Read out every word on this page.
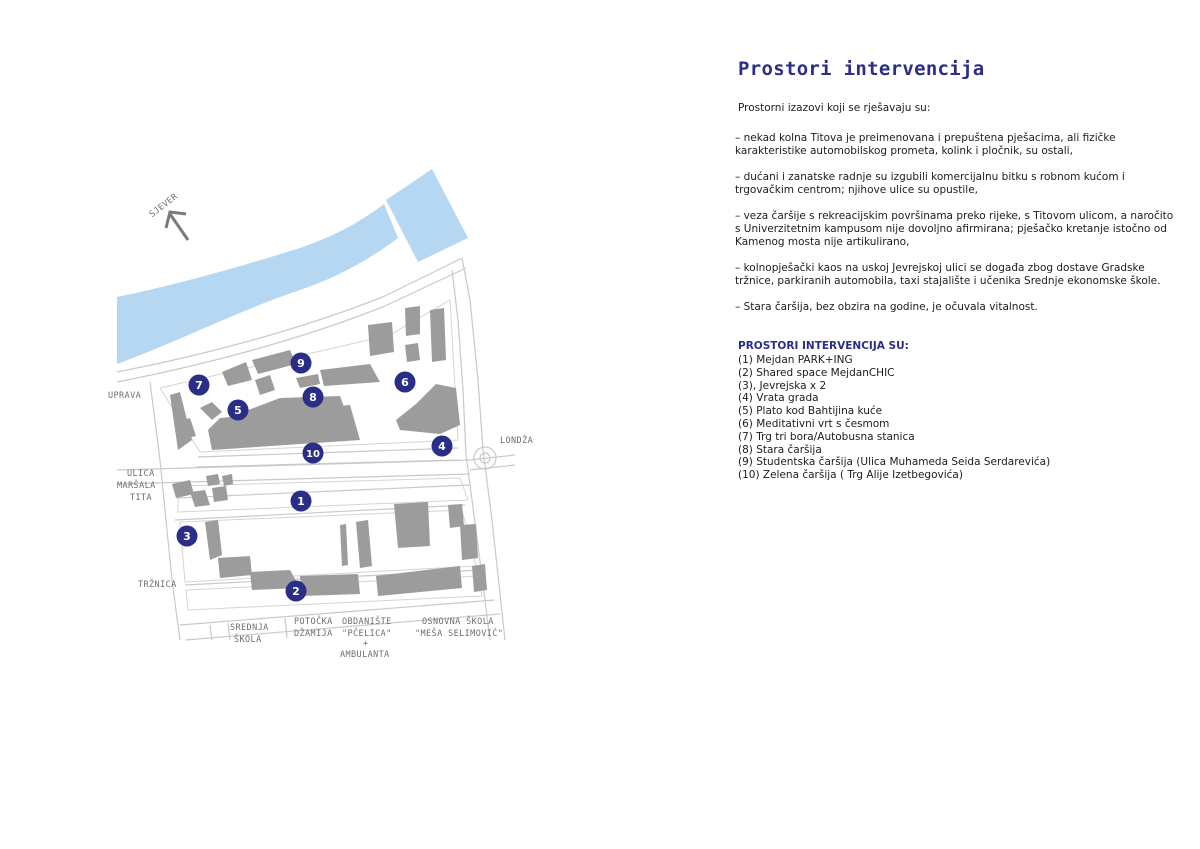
SJEVER
UPRAVA
ULICA
MARŠALA
TITA
TRŽNICA
LONDŽA
SREDNJA
ŠKOLA
POTOČKA
DŽAMIJA
OBDANIŠTE
"PČELICA"
+
AMBULANTA
OSNOVNA ŠKOLA
"MEŠA SELIMOVIĆ"
1
2
3
4
5
6
7
8
9
10
Prostori intervencija

Prostorni izazovi koji se rješavaju su:

– nekad kolna Titova je preimenovana i prepuštena pješacima, ali fizičke karakteristike automobilskog prometa, kolink i pločnik, su ostali,

– dućani i zanatske radnje su izgubili komercijalnu bitku s robnom kućom i trgovačkim centrom; njihove ulice su opustile,

– veza čaršije s rekreacijskim površinama preko rijeke, s Titovom ulicom, a naročito s Univerzitetnim kampusom nije dovoljno afirmirana; pješačko kretanje istočno od Kamenog mosta nije artikulirano,

– kolnopješački kaos na uskoj Jevrejskoj ulici se događa zbog dostave Gradske tržnice, parkiranih automobila, taxi stajalište i učenika Srednje ekonomske škole.

– Stara čaršija, bez obzira na godine, je očuvala vitalnost.

PROSTORI INTERVENCIJA SU:
(1) Mejdan PARK+ING
(2) Shared space MejdanCHIC
(3), Jevrejska x 2
(4) Vrata grada
(5) Plato kod Bahtijina kuće
(6) Meditativni vrt s česmom
(7) Trg tri bora/Autobusna stanica
(8) Stara čaršija
(9) Studentska čaršija (Ulica Muhameda Seida Serdarevića)
(10) Zelena čaršija ( Trg Alije Izetbegovića)
